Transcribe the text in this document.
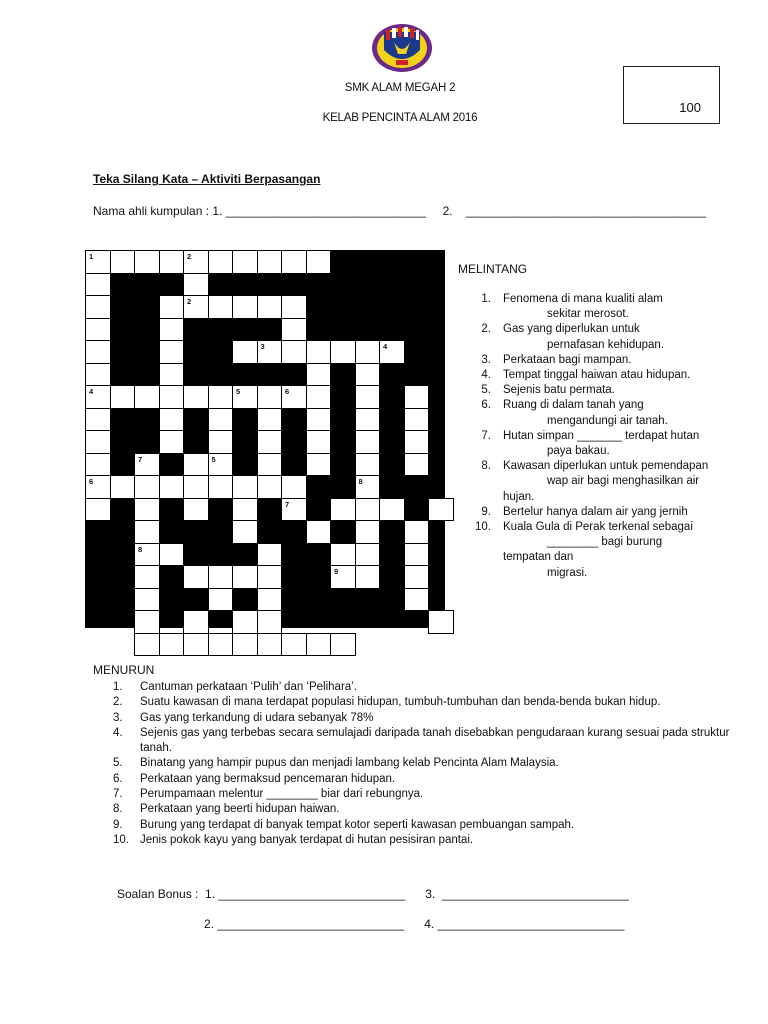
SMK ALAM MEGAH 2
KELAB PENCINTA ALAM 2016
100
Teka Silang Kata – Aktiviti Berpasangan
Nama ahli kumpulan : 1. ______________________________     2.    ____________________________________
1	2
2
3	4
4	5	6
7	5
6	8
7
8
9
MELINTANG
1. Fenomena di mana kualiti alam
sekitar merosot.
2. Gas yang diperlukan untuk
pernafasan kehidupan.
3. Perkataan bagi mampan.
4. Tempat tinggal haiwan atau hidupan.
5. Sejenis batu permata.
6. Ruang di dalam tanah yang
mengandungi air tanah.
7. Hutan simpan _______ terdapat hutan
paya bakau.
8. Kawasan diperlukan untuk pemendapan
wap air bagi menghasilkan air
hujan.
9. Bertelur hanya dalam air yang jernih
10. Kuala Gula di Perak terkenal sebagai
________ bagi burung
tempatan dan
migrasi.
MENURUN
1. Cantuman perkataan ‘Pulih’ dan ‘Pelihara’.
2. Suatu kawasan di mana terdapat populasi hidupan, tumbuh-tumbuhan dan benda-benda bukan hidup.
3. Gas yang terkandung di udara sebanyak 78%
4. Sejenis gas yang terbebas secara semulajadi daripada tanah disebabkan pengudaraan kurang sesuai pada struktur tanah.
5. Binatang yang hampir pupus dan menjadi lambang kelab Pencinta Alam Malaysia.
6. Perkataan yang bermaksud pencemaran hidupan.
7. Perumpamaan melentur ________ biar dari rebungnya.
8. Perkataan yang beerti hidupan haiwan.
9. Burung yang terdapat di banyak tempat kotor seperti kawasan pembuangan sampah.
10. Jenis pokok kayu yang banyak terdapat di hutan pesisiran pantai.
Soalan Bonus :  1. ____________________________      3.  ____________________________
2. ____________________________      4. ____________________________
